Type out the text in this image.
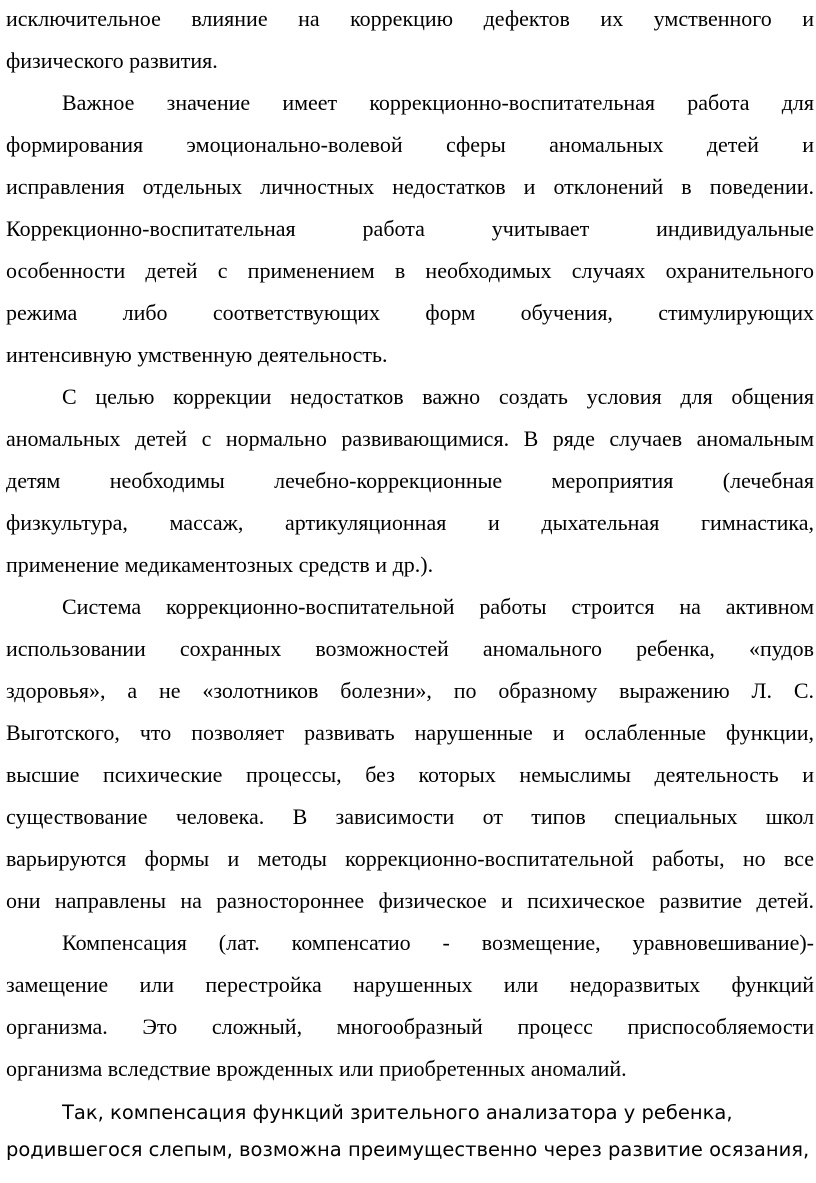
исключительное влияние на коррекцию дефектов их умственного и
физического развития.
Важное значение имеет коррекционно-воспитательная работа для
формирования эмоционально-волевой сферы аномальных детей и
исправления отдельных личностных недостатков и отклонений в поведении.
Коррекционно-воспитательная работа учитывает индивидуальные
особенности детей с применением в необходимых случаях охранительного
режима либо соответствующих форм обучения, стимулирующих
интенсивную умственную деятельность.
С целью коррекции недостатков важно создать условия для общения
аномальных детей с нормально развивающимися. В ряде случаев аномальным
детям необходимы лечебно-коррекционные мероприятия (лечебная
физкультура, массаж, артикуляционная и дыхательная гимнастика,
применение медикаментозных средств и др.).
Система коррекционно-воспитательной работы строится на активном
использовании сохранных возможностей аномального ребенка, «пудов
здоровья», а не «золотников болезни», по образному выражению Л. С.
Выготского, что позволяет развивать нарушенные и ослабленные функции,
высшие психические процессы, без которых немыслимы деятельность и
существование человека. В зависимости от типов специальных школ
варьируются формы и методы коррекционно-воспитательной работы, но все
они направлены на разностороннее физическое и психическое развитие детей.
Компенсация (лат. компенсатио - возмещение, уравновешивание)-
замещение или перестройка нарушенных или недоразвитых функций
организма. Это сложный, многообразный процесс приспособляемости
организма вследствие врожденных или приобретенных аномалий.
Так, компенсация функций зрительного анализатора у ребенка,
родившегося слепым, возможна преимущественно через развитие осязания,
